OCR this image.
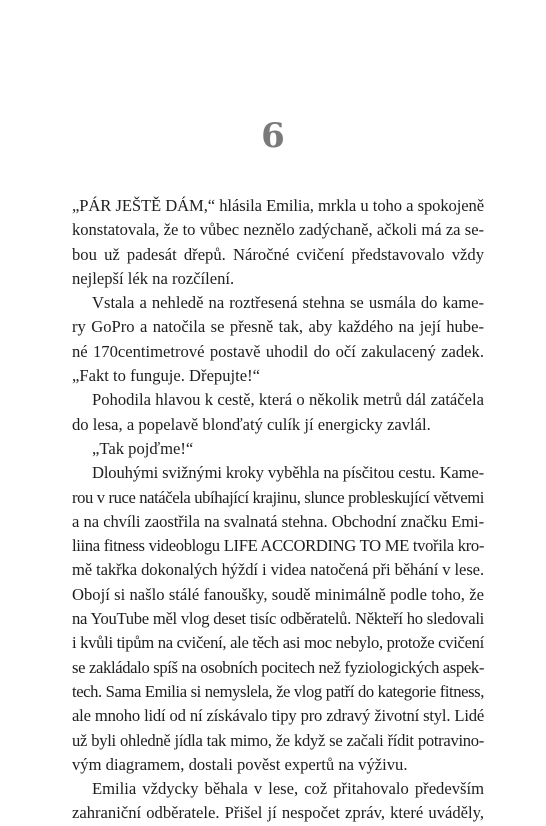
6
„PÁR JEŠTĚ DÁM,“ hlásila Emilia, mrkla u toho a spokojeně
konstatovala, že to vůbec neznělo zadýchaně, ačkoli má za se-
bou už padesát dřepů. Náročné cvičení představovalo vždy
nejlepší lék na rozčílení.
Vstala a nehledě na roztřesená stehna se usmála do kame-
ry GoPro a natočila se přesně tak, aby každého na její hube-
né 170centimetrové postavě uhodil do očí zakulacený zadek.
„Fakt to funguje. Dřepujte!“
Pohodila hlavou k cestě, která o několik metrů dál zatáčela
do lesa, a popelavě blonďatý culík jí energicky zavlál.
„Tak pojďme!“
Dlouhými svižnými kroky vyběhla na písčitou cestu. Kame-
rou v ruce natáčela ubíhající krajinu, slunce probleskující větvemi
a na chvíli zaostřila na svalnatá stehna. Obchodní značku Emi-
liina fitness videoblogu LIFE ACCORDING TO ME tvořila kro-
mě takřka dokonalých hýždí i videa natočená při běhání v lese.
Obojí si našlo stálé fanoušky, soudě minimálně podle toho, že
na YouTube měl vlog deset tisíc odběratelů. Někteří ho sledovali
i kvůli tipům na cvičení, ale těch asi moc nebylo, protože cvičení
se zakládalo spíš na osobních pocitech než fyziologických aspek-
tech. Sama Emilia si nemyslela, že vlog patří do kategorie fitness,
ale mnoho lidí od ní získávalo tipy pro zdravý životní styl. Lidé
už byli ohledně jídla tak mimo, že když se začali řídit potravino-
vým diagramem, dostali pověst expertů na výživu.
Emilia vždycky běhala v lese, což přitahovalo především
zahraniční odběratele. Přišel jí nespočet zpráv, které uváděly,
